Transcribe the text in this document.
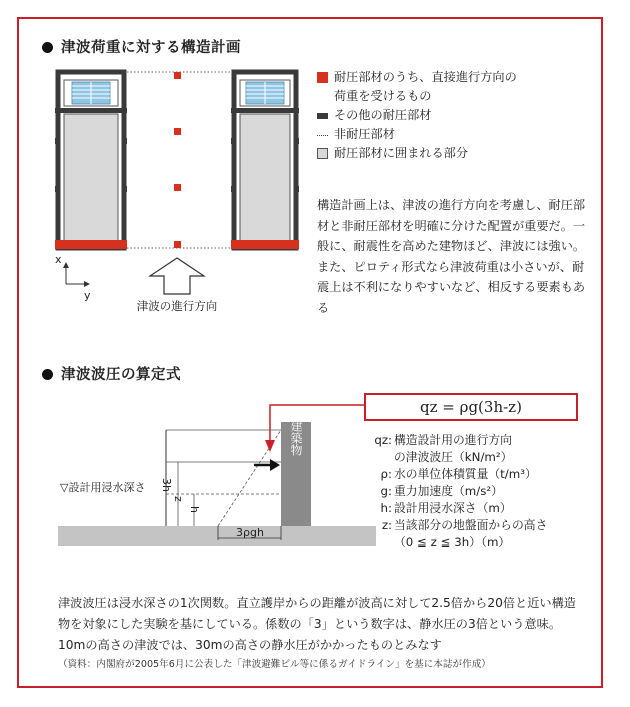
津波荷重に対する構造計画
x
y
津波の進行方向
▽設計用浸水深さ 3h
z
h
3ρgh
建築物
耐圧部材のうち、直接進行方向の
荷重を受けるもの
その他の耐圧部材
非耐圧部材
耐圧部材に囲まれる部分
構造計画上は、津波の進行方向を考慮し、耐圧部材と非耐圧部材を明確に分けた配置が重要だ。一般に、耐震性を高めた建物ほど、津波には強い。また、ピロティ形式なら津波荷重は小さいが、耐震上は不利になりやすいなど、相反する要素もある
津波波圧の算定式
qz = ρg(3h-z)
qz: 構造設計用の進行方向
の津波波圧（kN/m²）
ρ: 水の単位体積質量（t/m³）
g: 重力加速度（m/s²）
h: 設計用浸水深さ（m）
z: 当該部分の地盤面からの高さ
（0 ≦ z ≦ 3h）（m）
津波波圧は浸水深さの1次関数。直立護岸からの距離が波高に対して2.5倍から20倍と近い構造物を対象にした実験を基にしている。係数の「3」という数字は、静水圧の3倍という意味。10mの高さの津波では、30mの高さの静水圧がかかったものとみなす
（資料：内閣府が2005年6月に公表した「津波避難ビル等に係るガイドライン」を基に本誌が作成）
